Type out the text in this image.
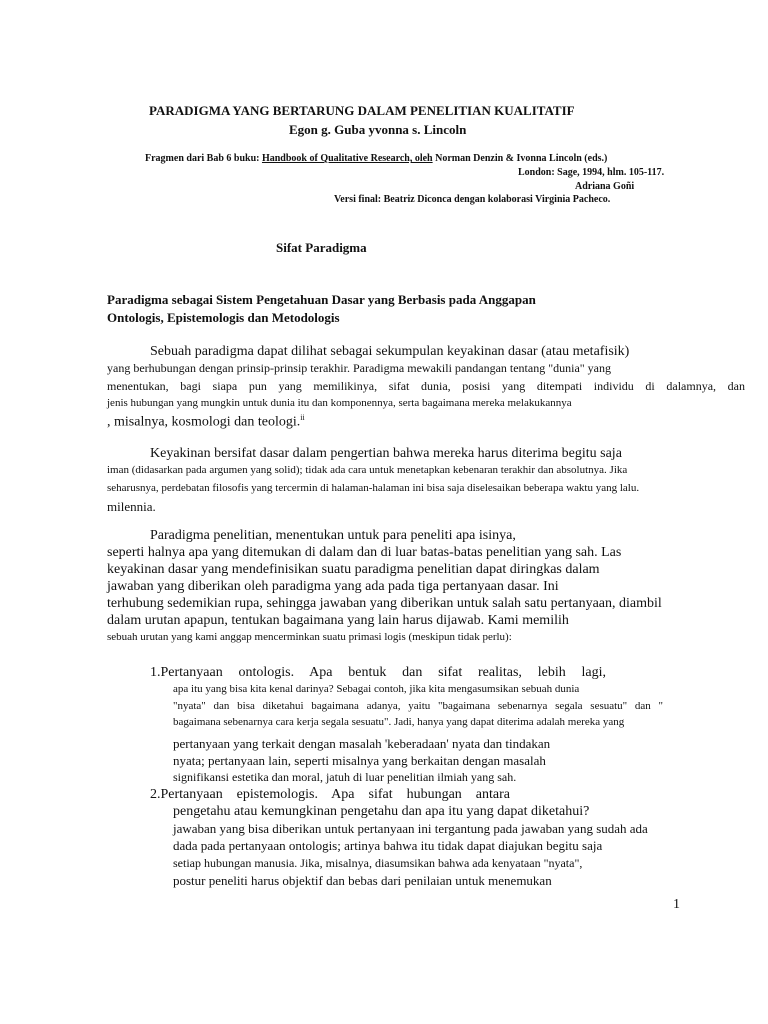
PARADIGMA YANG BERTARUNG DALAM PENELITIAN KUALITATIF
Egon g. Guba yvonna s. Lincoln
Fragmen dari Bab 6 buku: Handbook of Qualitative Research, oleh Norman Denzin & Ivonna Lincoln (eds.)
London: Sage, 1994, hlm. 105-117.
Adriana Goñi
Versi final: Beatriz Diconca dengan kolaborasi Virginia Pacheco.
Sifat Paradigma
Paradigma sebagai Sistem Pengetahuan Dasar yang Berbasis pada Anggapan
Ontologis, Epistemologis dan Metodologis
Sebuah paradigma dapat dilihat sebagai sekumpulan keyakinan dasar (atau metafisik)
yang berhubungan dengan prinsip-prinsip terakhir. Paradigma mewakili pandangan tentang "dunia" yang
menentukan, bagi siapa pun yang memilikinya, sifat dunia, posisi yang ditempati individu di dalamnya, dan
jenis hubungan yang mungkin untuk dunia itu dan komponennya, serta bagaimana mereka melakukannya
, misalnya, kosmologi dan teologi.$^{ii}$
Keyakinan bersifat dasar dalam pengertian bahwa mereka harus diterima begitu saja
iman (didasarkan pada argumen yang solid); tidak ada cara untuk menetapkan kebenaran terakhir dan absolutnya. Jika
seharusnya, perdebatan filosofis yang tercermin di halaman-halaman ini bisa saja diselesaikan beberapa waktu yang lalu.
milennia.
Paradigma penelitian, menentukan untuk para peneliti apa isinya,
seperti halnya apa yang ditemukan di dalam dan di luar batas-batas penelitian yang sah. Las
keyakinan dasar yang mendefinisikan suatu paradigma penelitian dapat diringkas dalam
jawaban yang diberikan oleh paradigma yang ada pada tiga pertanyaan dasar. Ini
terhubung sedemikian rupa, sehingga jawaban yang diberikan untuk salah satu pertanyaan, diambil
dalam urutan apapun, tentukan bagaimana yang lain harus dijawab. Kami memilih
sebuah urutan yang kami anggap mencerminkan suatu primasi logis (meskipun tidak perlu):
1.Pertanyaan ontologis. Apa bentuk dan sifat realitas, lebih lagi,
apa itu yang bisa kita kenal darinya? Sebagai contoh, jika kita mengasumsikan sebuah dunia
"nyata" dan bisa diketahui bagaimana adanya, yaitu "bagaimana sebenarnya segala sesuatu" dan "
bagaimana sebenarnya cara kerja segala sesuatu". Jadi, hanya yang dapat diterima adalah mereka yang
pertanyaan yang terkait dengan masalah 'keberadaan' nyata dan tindakan
nyata; pertanyaan lain, seperti misalnya yang berkaitan dengan masalah
signifikansi estetika dan moral, jatuh di luar penelitian ilmiah yang sah.
2.Pertanyaan epistemologis. Apa sifat hubungan antara
pengetahu atau kemungkinan pengetahu dan apa itu yang dapat diketahui?
jawaban yang bisa diberikan untuk pertanyaan ini tergantung pada jawaban yang sudah ada
dada pada pertanyaan ontologis; artinya bahwa itu tidak dapat diajukan begitu saja
setiap hubungan manusia. Jika, misalnya, diasumsikan bahwa ada kenyataan "nyata",
postur peneliti harus objektif dan bebas dari penilaian untuk menemukan
1
